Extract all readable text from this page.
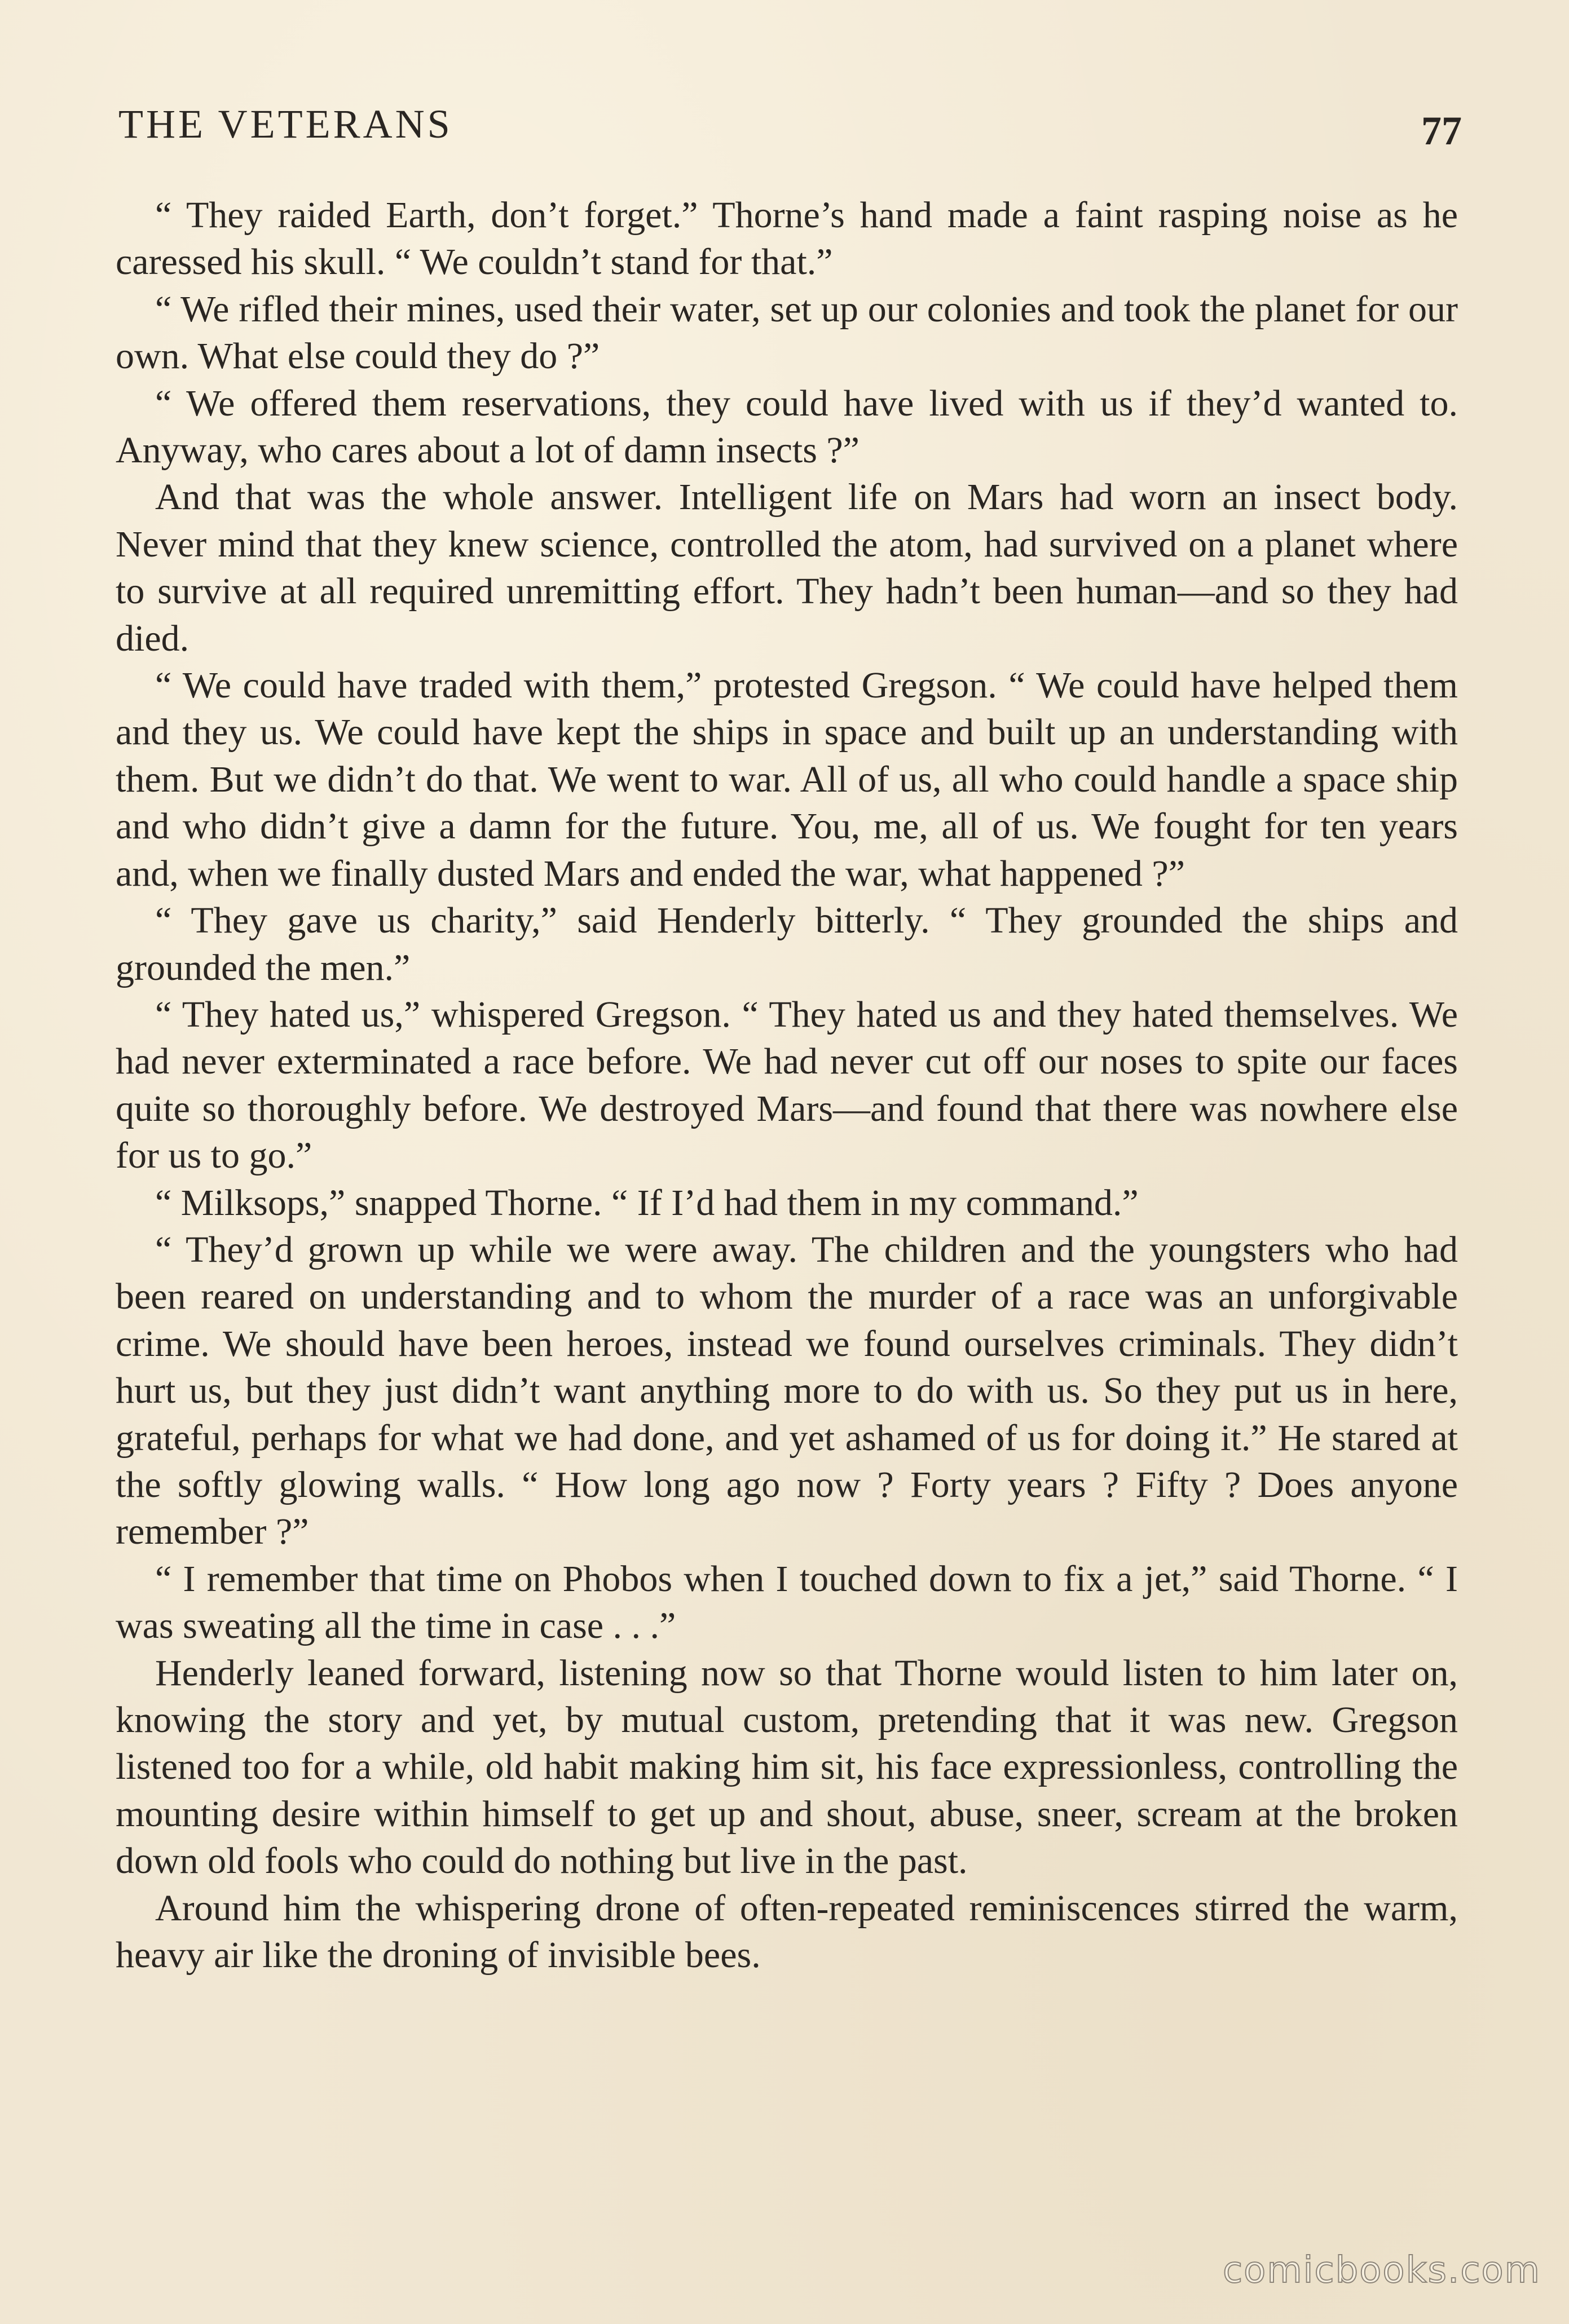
THE VETERANS	77

“ They raided Earth, don’t forget.” Thorne’s hand made a faint rasping noise as he caressed his skull. “ We couldn’t stand for that.”

“ We rifled their mines, used their water, set up our colonies and took the planet for our own. What else could they do ?”

“ We offered them reservations, they could have lived with us if they’d wanted to. Anyway, who cares about a lot of damn insects ?”

And that was the whole answer. Intelligent life on Mars had worn an insect body. Never mind that they knew science, controlled the atom, had survived on a planet where to survive at all required unremitting effort. They hadn’t been human—and so they had died.

“ We could have traded with them,” protested Gregson. “ We could have helped them and they us. We could have kept the ships in space and built up an understanding with them. But we didn’t do that. We went to war. All of us, all who could handle a space ship and who didn’t give a damn for the future. You, me, all of us. We fought for ten years and, when we finally dusted Mars and ended the war, what happened ?”

“ They gave us charity,” said Henderly bitterly. “ They grounded the ships and grounded the men.”

“ They hated us,” whispered Gregson. “ They hated us and they hated themselves. We had never exterminated a race before. We had never cut off our noses to spite our faces quite so thoroughly before. We destroyed Mars—and found that there was nowhere else for us to go.”

“ Milksops,” snapped Thorne. “ If I’d had them in my command.”

“ They’d grown up while we were away. The children and the youngsters who had been reared on understanding and to whom the murder of a race was an unforgivable crime. We should have been heroes, instead we found ourselves criminals. They didn’t hurt us, but they just didn’t want anything more to do with us. So they put us in here, grateful, perhaps for what we had done, and yet ashamed of us for doing it.” He stared at the softly glowing walls. “ How long ago now ? Forty years ? Fifty ? Does anyone remember ?”

“ I remember that time on Phobos when I touched down to fix a jet,” said Thorne. “ I was sweating all the time in case . . .”

Henderly leaned forward, listening now so that Thorne would listen to him later on, knowing the story and yet, by mutual custom, pretending that it was new. Gregson listened too for a while, old habit making him sit, his face expressionless, controlling the mounting desire within himself to get up and shout, abuse, sneer, scream at the broken down old fools who could do nothing but live in the past.

Around him the whispering drone of often-repeated reminiscences stirred the warm, heavy air like the droning of invisible bees.

comicbooks.com
